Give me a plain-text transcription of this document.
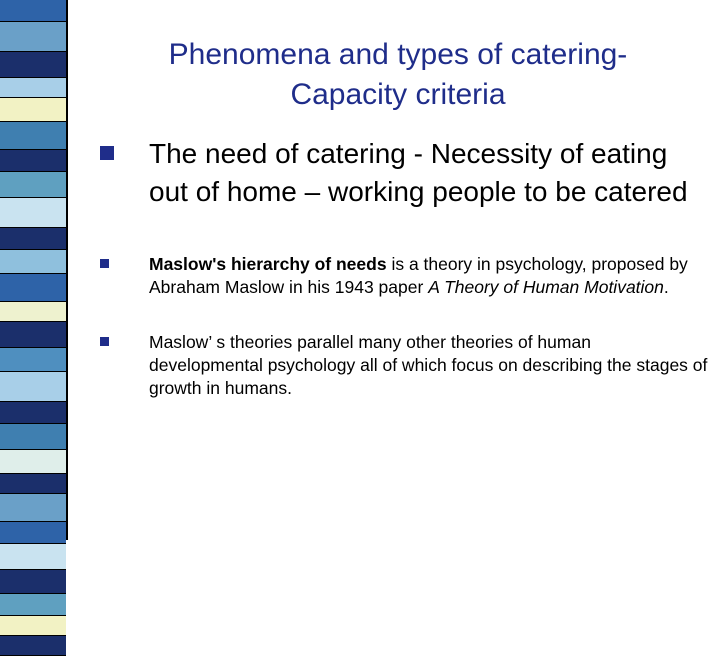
Phenomena and types of catering-
Capacity criteria
The need of catering - Necessity of eating out of home – working people to be catered
Maslow's hierarchy of needs is a theory in psychology, proposed by Abraham Maslow in his 1943 paper A Theory of Human Motivation.
Maslow’ s theories parallel many other theories of human developmental psychology all of which focus on describing the stages of growth in humans.
